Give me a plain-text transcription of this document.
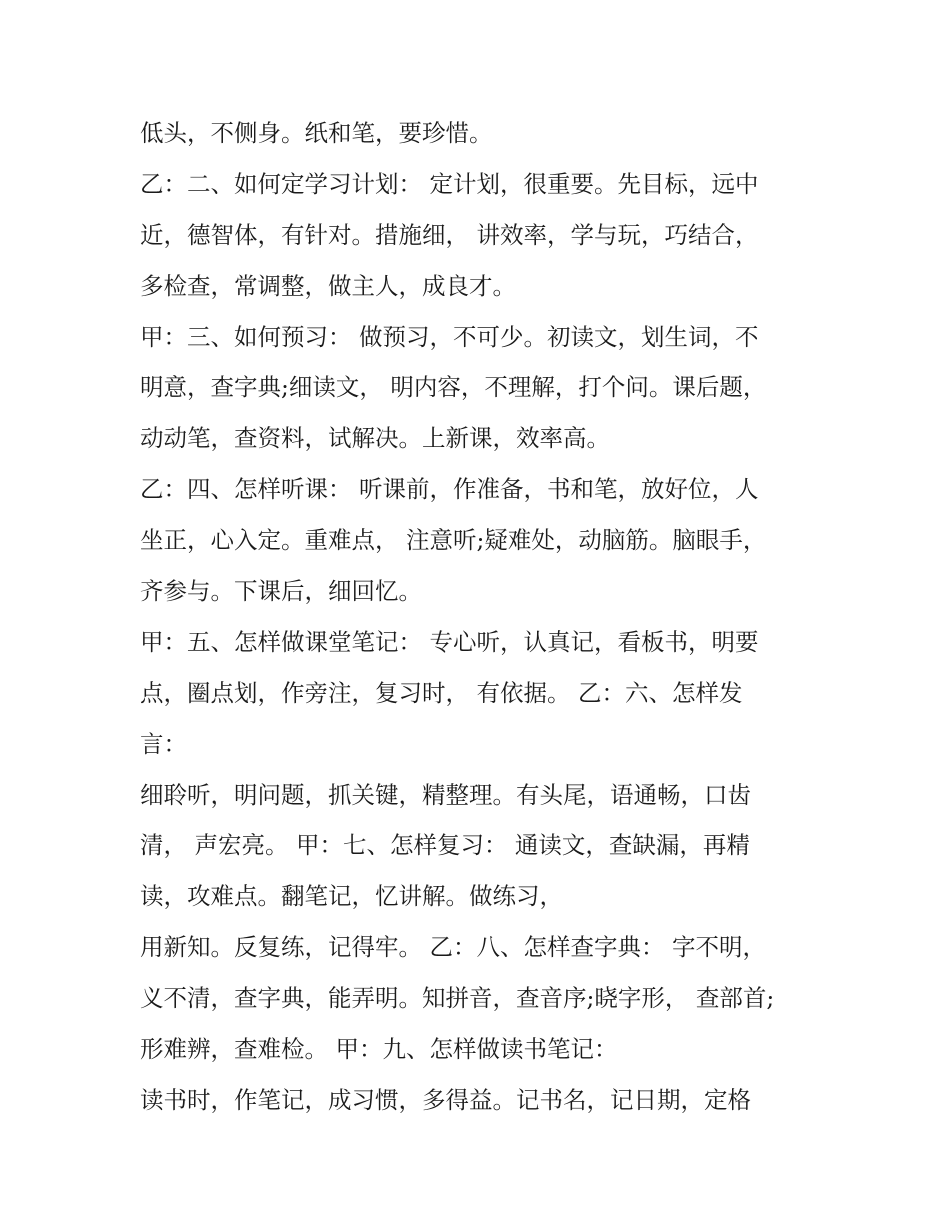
低头，不侧身。纸和笔，要珍惜。
乙：二、如何定学习计划： 定计划，很重要。先目标，远中
近，德智体，有针对。措施细， 讲效率，学与玩，巧结合，
多检查，常调整，做主人，成良才。
甲：三、如何预习： 做预习，不可少。初读文，划生词，不
明意，查字典;细读文， 明内容，不理解，打个问。课后题，
动动笔，查资料，试解决。上新课，效率高。
乙：四、怎样听课： 听课前，作准备，书和笔，放好位，人
坐正，心入定。重难点， 注意听;疑难处，动脑筋。脑眼手，
齐参与。下课后，细回忆。
甲：五、怎样做课堂笔记： 专心听，认真记，看板书，明要
点，圈点划，作旁注，复习时， 有依据。 乙：六、怎样发
言：
细聆听，明问题，抓关键，精整理。有头尾，语通畅，口齿
清， 声宏亮。 甲：七、怎样复习： 通读文，查缺漏，再精
读，攻难点。翻笔记，忆讲解。做练习，
用新知。反复练，记得牢。 乙：八、怎样查字典： 字不明，
义不清，查字典，能弄明。知拼音，查音序;晓字形， 查部首;
形难辨，查难检。 甲：九、怎样做读书笔记：
读书时，作笔记，成习惯，多得益。记书名，记日期，定格
